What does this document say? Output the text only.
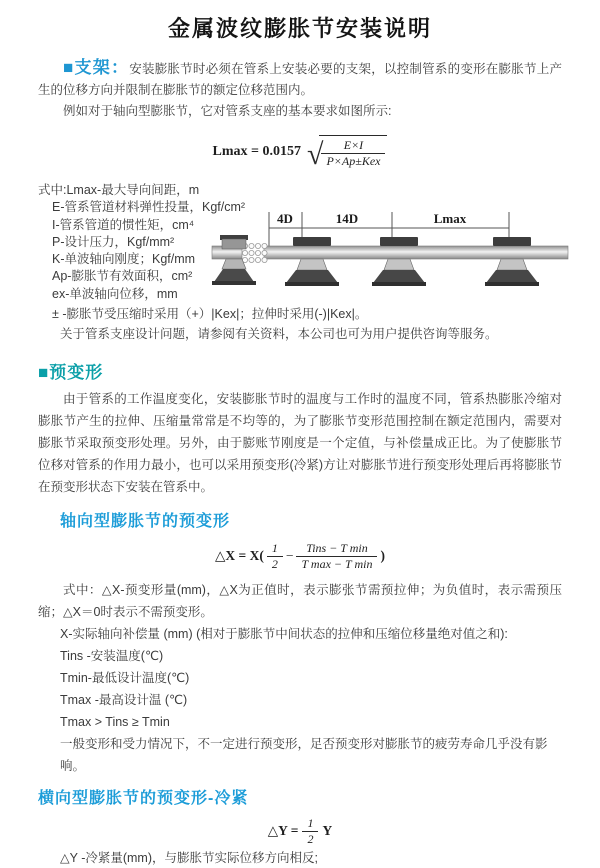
金属波纹膨胀节安装说明

■支架：安装膨胀节时必须在管系上安装必要的支架，以控制管系的变形在膨胀节上产生的位移方向并限制在膨胀节的额定位移范围内。

例如对于轴向型膨胀节，它对管系支座的基本要求如图所示:

Lmax = 0.0157 √
$\frac{E\times I}{\text{P×Ap±Kex}}$
式中:Lmax-最大导向间距，m
E-管系管道材料弹性投量，Kgf/cm²
I-管系管道的惯性矩，cm⁴
P-设计压力，Kgf/mm²
K-单波轴向刚度；Kgf/mm
Ap-膨胀节有效面积，cm²
ex-单波轴向位移，mm
4D	14D	Lmax

± -膨胀节受压缩时采用（+）|Kex|；拉伸时采用(-)|Kex|。

关于管系支座设计问题，请参阅有关资料，本公司也可为用户提供咨询等服务。

■预变形

由于管系的工作温度变化，安装膨胀节时的温度与工作时的温度不同，管系热膨胀冷缩对膨胀节产生的拉伸、压缩量常常是不均等的，为了膨胀节变形范围控制在额定范围内，需要对膨胀节采取预变形处理。另外，由于膨账节刚度是一个定值，与补偿量成正比。为了使膨胀节位移对管系的作用力最小，也可以采用预变形(冷紧)方让对膨胀节进行预变形处理后再将膨胀节在预变形状态下安装在管系中。

轴向型膨胀节的预变形
△X = $X( \frac{1}{2} - \frac{\text{Tins − T min}}{\text{T max − T min}}$ )

式中：△X-预变形量(mm)，△X为正值时，表示膨张节需预拉伸；为负值时，表示需预压缩；△X＝0时表示不需预变形。

X-实际轴向补偿量 (mm) (相对于膨胀节中间状态的拉伸和压缩位移量绝对值之和):

Tins -安装温度(℃)

Tmin-最低设计温度(℃)

Tmax -最高设计温 (℃)

Tmax > Tins ≥ Tmin

一般变形和受力情况下，不一定进行预变形，足否预变形对膨胀节的疲劳寿命几乎没有影响。

横向型膨胀节的预变形-冷紧
△Y = $\frac{1}{2}$ Y

△Y -冷紧量(mm)，与膨胀节实际位移方向相反;
